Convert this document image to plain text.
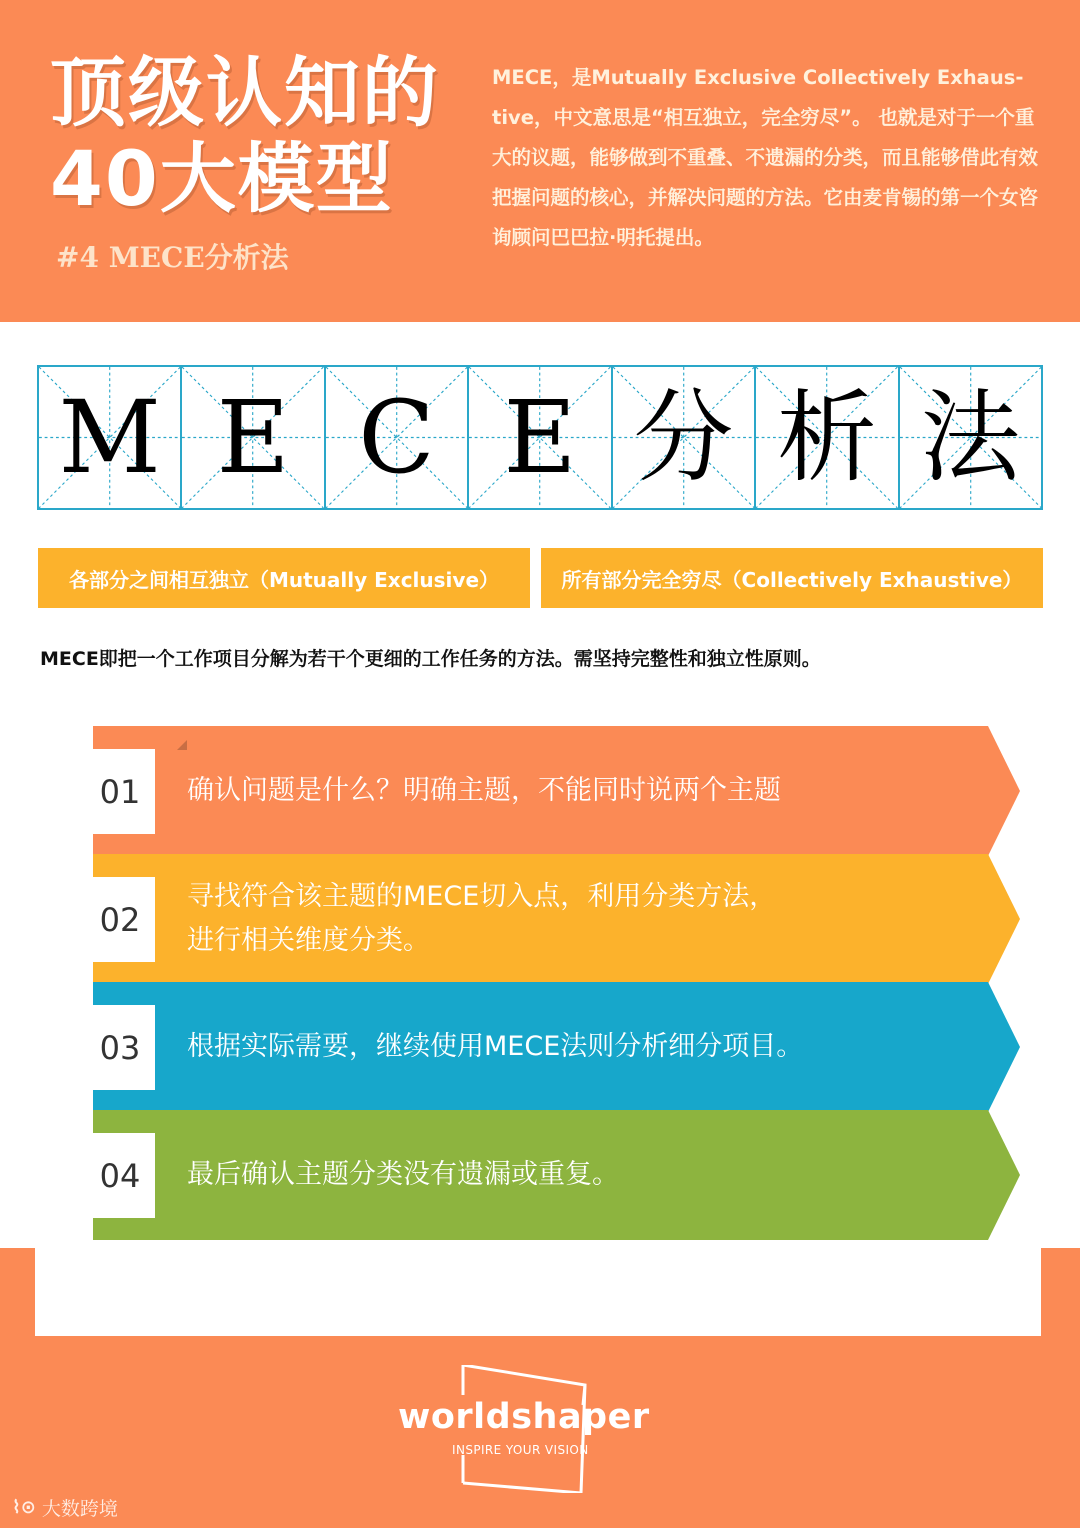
顶级认知的
40大模型
#4 MECE分析法
MECE，是Mutually Exclusive Collectively Exhaus-tive，中文意思是“相互独立，完全穷尽”。 也就是对于一个重大的议题，能够做到不重叠、不遗漏的分类，而且能够借此有效把握问题的核心，并解决问题的方法。它由麦肯锡的第一个女咨询顾问巴巴拉·明托提出。
M E C E 分 析 法
各部分之间相互独立（Mutually Exclusive）	所有部分完全穷尽（Collectively Exhaustive）
MECE即把一个工作项目分解为若干个更细的工作任务的方法。需坚持完整性和独立性原则。
01	确认问题是什么？明确主题，不能同时说两个主题
02
寻找符合该主题的MECE切入点，利用分类方法，
进行相关维度分类。
03	根据实际需要，继续使用MECE法则分析细分项目。
04	最后确认主题分类没有遗漏或重复。
worldshaper
INSPIRE YOUR VISION
⌇⊙ 大数跨境
